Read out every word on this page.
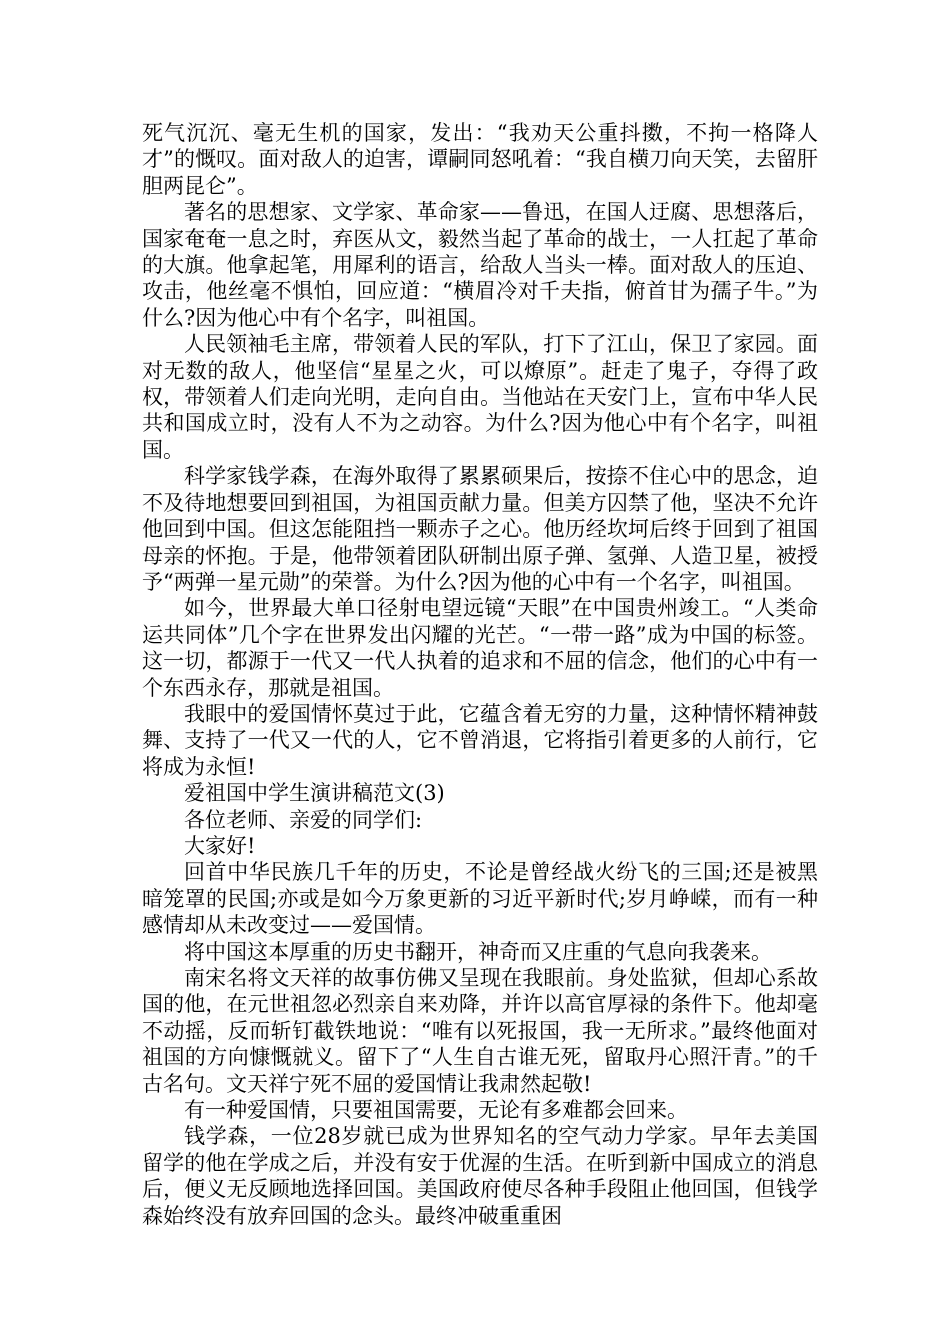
死气沉沉、毫无生机的国家，发出：“我劝天公重抖擞，不拘一格降人才”的慨叹。面对敌人的迫害，谭嗣同怒吼着：“我自横刀向天笑，去留肝胆两昆仑”。

著名的思想家、文学家、革命家——鲁迅，在国人迂腐、思想落后，国家奄奄一息之时，弃医从文，毅然当起了革命的战士，一人扛起了革命的大旗。他拿起笔，用犀利的语言，给敌人当头一棒。面对敌人的压迫、攻击，他丝毫不惧怕，回应道：“横眉冷对千夫指，俯首甘为孺子牛。”为什么?因为他心中有个名字，叫祖国。

人民领袖毛主席，带领着人民的军队，打下了江山，保卫了家园。面对无数的敌人，他坚信“星星之火，可以燎原”。赶走了鬼子，夺得了政权，带领着人们走向光明，走向自由。当他站在天安门上，宣布中华人民共和国成立时，没有人不为之动容。为什么?因为他心中有个名字，叫祖国。

科学家钱学森，在海外取得了累累硕果后，按捺不住心中的思念，迫不及待地想要回到祖国，为祖国贡献力量。但美方囚禁了他，坚决不允许他回到中国。但这怎能阻挡一颗赤子之心。他历经坎坷后终于回到了祖国母亲的怀抱。于是，他带领着团队研制出原子弹、氢弹、人造卫星，被授予“两弹一星元勋”的荣誉。为什么?因为他的心中有一个名字，叫祖国。

如今，世界最大单口径射电望远镜“天眼”在中国贵州竣工。“人类命运共同体”几个字在世界发出闪耀的光芒。“一带一路”成为中国的标签。这一切，都源于一代又一代人执着的追求和不屈的信念，他们的心中有一个东西永存，那就是祖国。

我眼中的爱国情怀莫过于此，它蕴含着无穷的力量，这种情怀精神鼓舞、支持了一代又一代的人，它不曾消退，它将指引着更多的人前行，它将成为永恒!

爱祖国中学生演讲稿范文(3)

各位老师、亲爱的同学们:

大家好!

回首中华民族几千年的历史，不论是曾经战火纷飞的三国;还是被黑暗笼罩的民国;亦或是如今万象更新的习近平新时代;岁月峥嵘，而有一种感情却从未改变过——爱国情。

将中国这本厚重的历史书翻开，神奇而又庄重的气息向我袭来。

南宋名将文天祥的故事仿佛又呈现在我眼前。身处监狱，但却心系故国的他，在元世祖忽必烈亲自来劝降，并许以高官厚禄的条件下。他却毫不动摇，反而斩钉截铁地说：“唯有以死报国，我一无所求。”最终他面对祖国的方向慷慨就义。留下了“人生自古谁无死，留取丹心照汗青。”的千古名句。文天祥宁死不屈的爱国情让我肃然起敬!

有一种爱国情，只要祖国需要，无论有多难都会回来。

钱学森，一位28岁就已成为世界知名的空气动力学家。早年去美国留学的他在学成之后，并没有安于优渥的生活。在听到新中国成立的消息后，便义无反顾地选择回国。美国政府使尽各种手段阻止他回国，但钱学森始终没有放弃回国的念头。最终冲破重重困
